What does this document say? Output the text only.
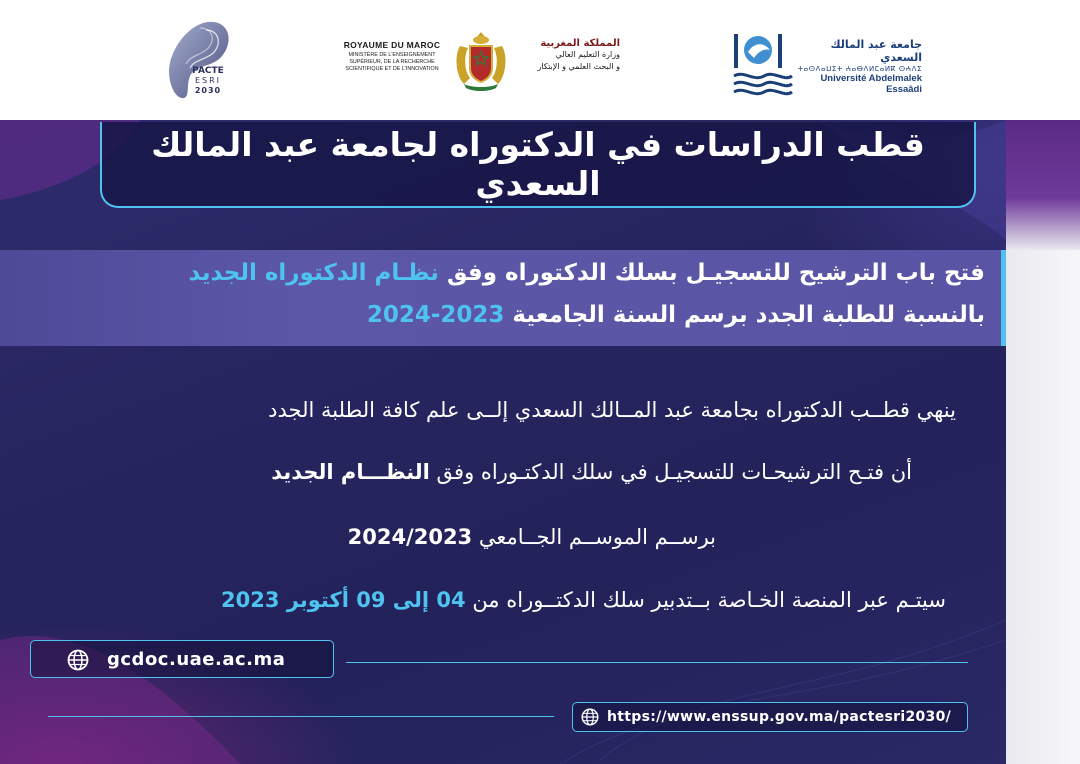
PACTE
ESRI
2030
ROYAUME DU MAROC
MINISTÈRE DE L'ENSEIGNEMENT SUPÉRIEUR, DE LA RECHERCHE SCIENTIFIQUE ET DE L'INNOVATION
المملكة المغربية
وزارة التعليم العالي
و البحث العلمي و الإبتكار
جامعة عبد المالك السعدي
ⵜⴰⵙⴷⴰⵡⵉⵜ ⵄⴰⴱⴷⵍⵎⴰⵍⴽ ⵙⵄⴷⵉ
Université Abdelmalek Essaâdi
قطب الدراسات في الدكتوراه لجامعة عبد المالك السعدي
فتح باب الترشيح للتسجيـل بسلك الدكتوراه وفق نظـام الدكتوراه الجديد
بالنسبة للطلبة الجدد برسم السنة الجامعية 2023-2024
ينهي قطــب الدكتوراه بجامعة عبد المــالك السعدي إلــى علم كافة الطلبة الجدد
أن فتـح الترشيحـات للتسجيـل في سلك الدكتـوراه وفق النظـــام الجديد
برســم الموســم الجــامعي 2024/2023
سيتـم عبر المنصة الخـاصة بــتدبير سلك الدكتــوراه من 04 إلى 09 أكتوبر 2023
gcdoc.uae.ac.ma
https://www.enssup.gov.ma/pactesri2030/
